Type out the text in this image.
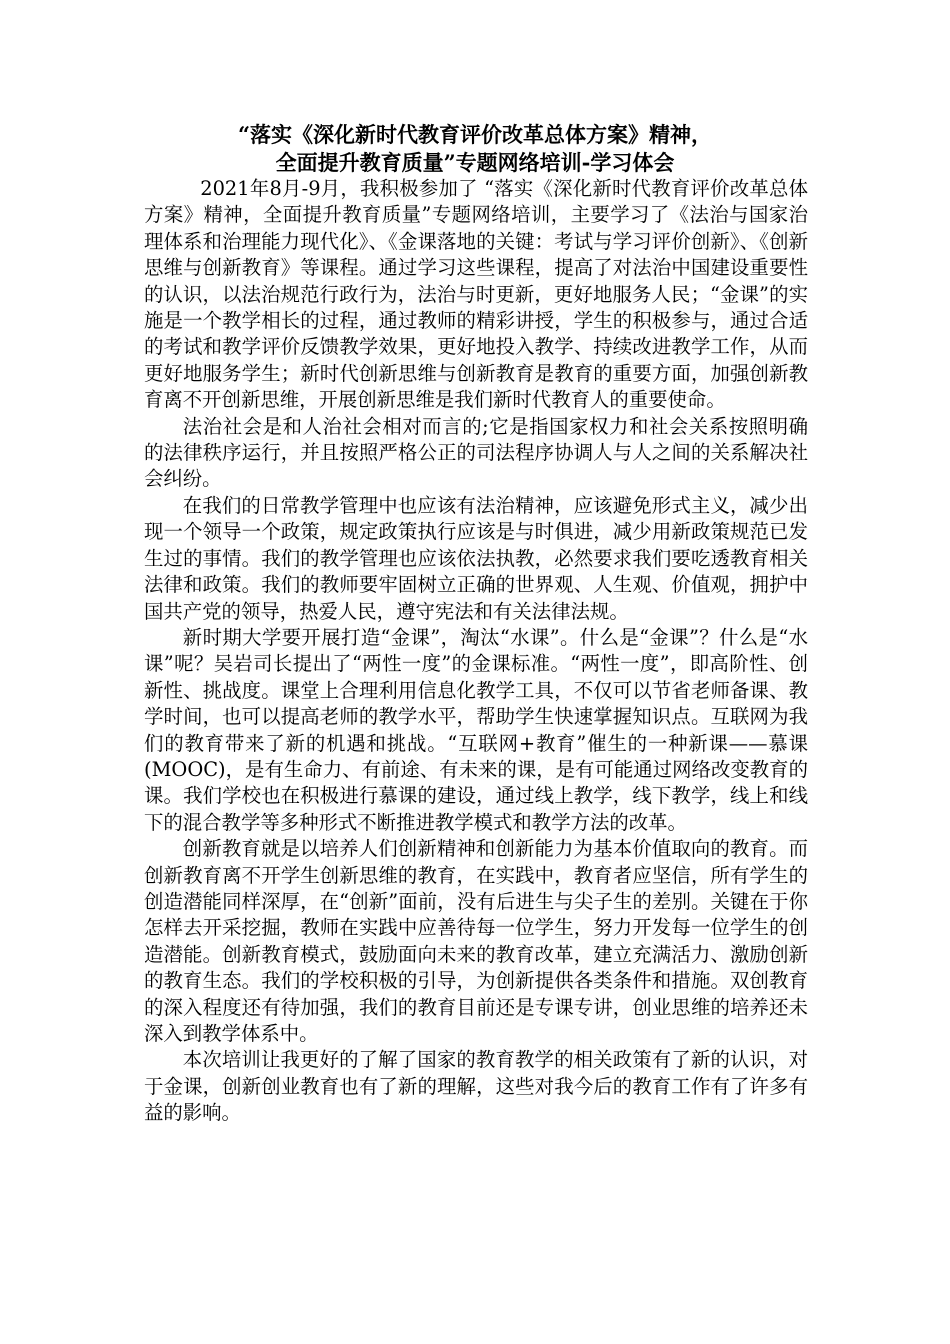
“落实《深化新时代教育评价改革总体方案》精神，
全面提升教育质量”专题网络培训-学习体会

2021年8月-9月，我积极参加了 “落实《深化新时代教育评价改革总体方案》精神，全面提升教育质量”专题网络培训，主要学习了《法治与国家治理体系和治理能力现代化》、《金课落地的关键：考试与学习评价创新》、《创新思维与创新教育》等课程。通过学习这些课程，提高了对法治中国建设重要性的认识，以法治规范行政行为，法治与时更新，更好地服务人民；“金课”的实施是一个教学相长的过程，通过教师的精彩讲授，学生的积极参与，通过合适的考试和教学评价反馈教学效果，更好地投入教学、持续改进教学工作，从而更好地服务学生；新时代创新思维与创新教育是教育的重要方面，加强创新教育离不开创新思维，开展创新思维是我们新时代教育人的重要使命。

法治社会是和人治社会相对而言的;它是指国家权力和社会关系按照明确的法律秩序运行，并且按照严格公正的司法程序协调人与人之间的关系解决社会纠纷。

在我们的日常教学管理中也应该有法治精神，应该避免形式主义，减少出现一个领导一个政策，规定政策执行应该是与时俱进，减少用新政策规范已发生过的事情。我们的教学管理也应该依法执教，必然要求我们要吃透教育相关法律和政策。我们的教师要牢固树立正确的世界观、人生观、价值观，拥护中国共产党的领导，热爱人民，遵守宪法和有关法律法规。

新时期大学要开展打造“金课”，淘汰“水课”。什么是“金课”？什么是“水课”呢？吴岩司长提出了“两性一度”的金课标准。“两性一度”，即高阶性、创新性、挑战度。课堂上合理利用信息化教学工具，不仅可以节省老师备课、教学时间，也可以提高老师的教学水平，帮助学生快速掌握知识点。互联网为我们的教育带来了新的机遇和挑战。“互联网+教育”催生的一种新课——慕课(MOOC)，是有生命力、有前途、有未来的课，是有可能通过网络改变教育的课。我们学校也在积极进行慕课的建设，通过线上教学，线下教学，线上和线下的混合教学等多种形式不断推进教学模式和教学方法的改革。

创新教育就是以培养人们创新精神和创新能力为基本价值取向的教育。而创新教育离不开学生创新思维的教育，在实践中，教育者应坚信，所有学生的创造潜能同样深厚，在“创新”面前，没有后进生与尖子生的差别。关键在于你怎样去开采挖掘，教师在实践中应善待每一位学生，努力开发每一位学生的创造潜能。创新教育模式，鼓励面向未来的教育改革，建立充满活力、激励创新的教育生态。我们的学校积极的引导，为创新提供各类条件和措施。双创教育的深入程度还有待加强，我们的教育目前还是专课专讲，创业思维的培养还未深入到教学体系中。

本次培训让我更好的了解了国家的教育教学的相关政策有了新的认识，对于金课，创新创业教育也有了新的理解，这些对我今后的教育工作有了许多有益的影响。
